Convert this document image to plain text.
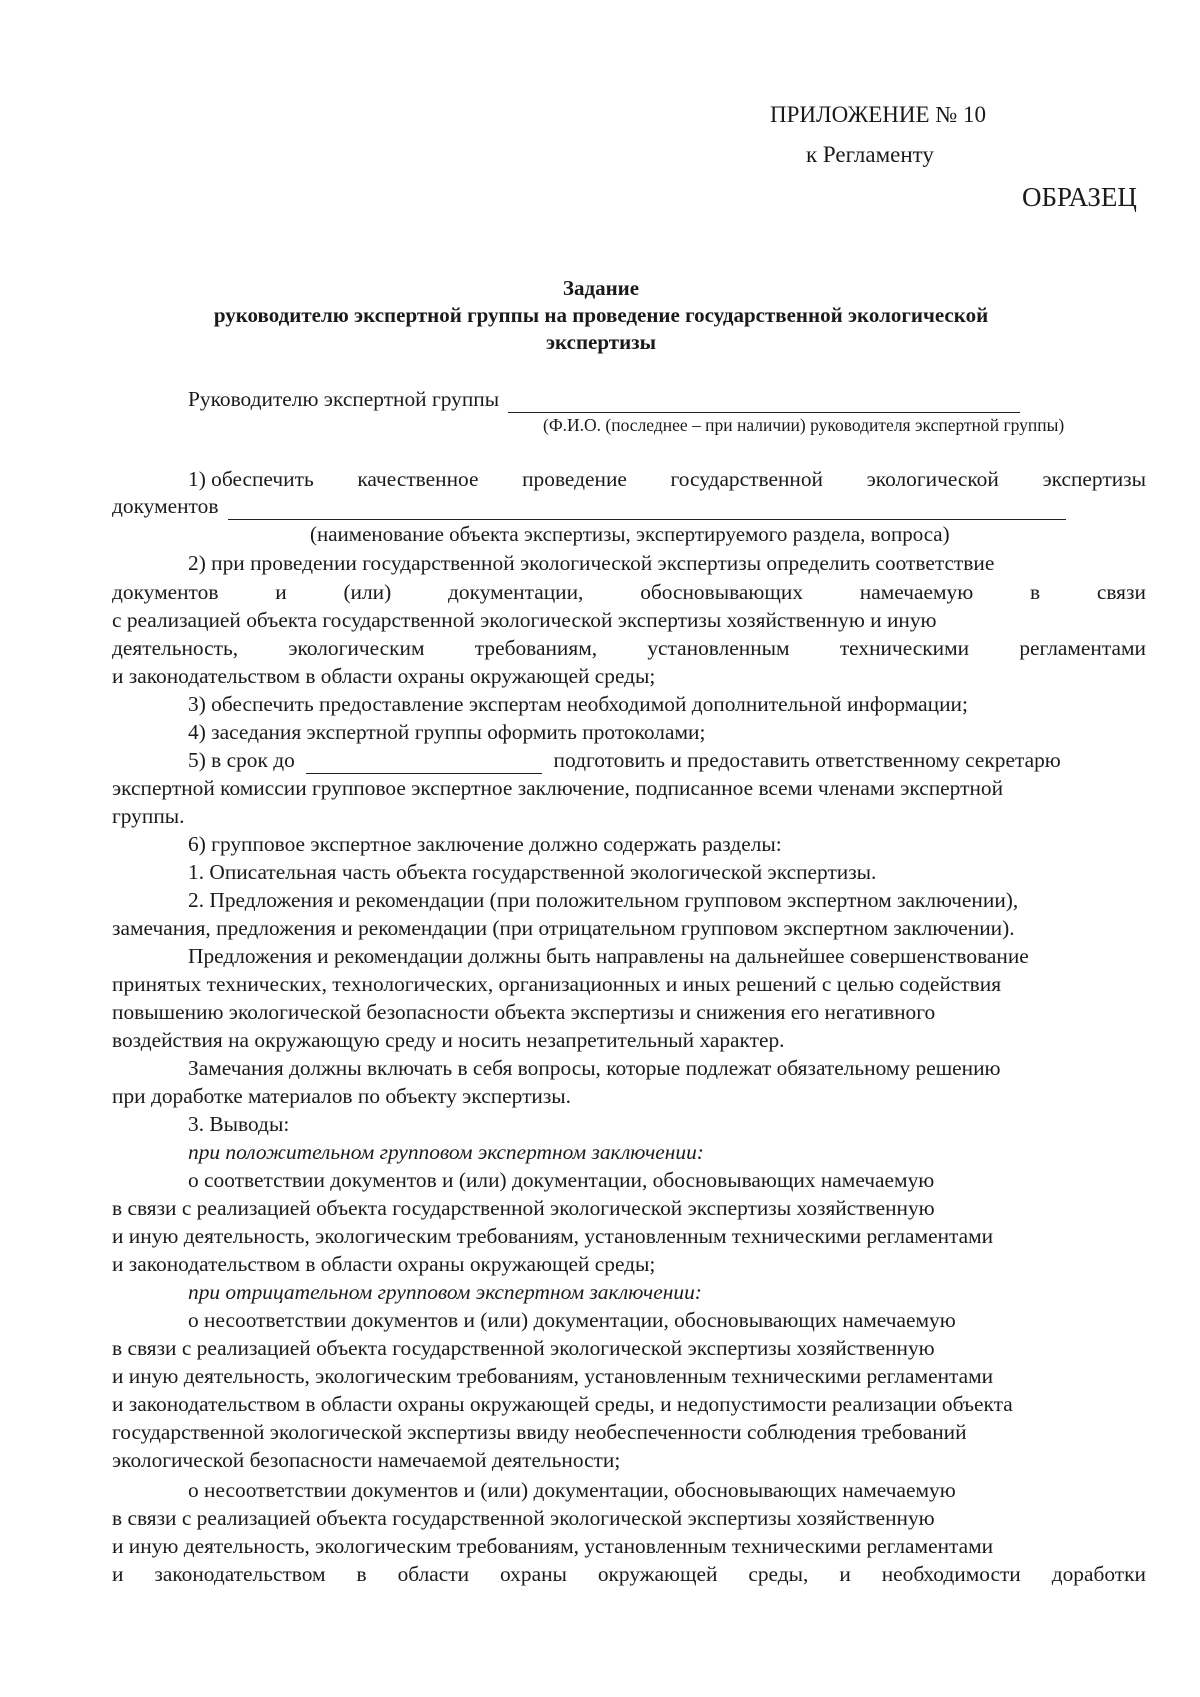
ПРИЛОЖЕНИЕ № 10
к Регламенту
ОБРАЗЕЦ
Задание
руководителю экспертной группы на проведение государственной экологической
экспертизы
Руководителю экспертной группы
(Ф.И.О. (последнее – при наличии) руководителя экспертной группы)
1) обеспечить качественное проведение государственной экологической экспертизы
документов
(наименование объекта экспертизы, экспертируемого раздела, вопроса)
2) при проведении государственной экологической экспертизы определить соответствие
документов	и	(или)	документации,	обосновывающих	намечаемую	в	связи
с реализацией объекта государственной экологической экспертизы хозяйственную и иную
деятельность, экологическим требованиям, установленным техническими регламентами
и законодательством в области охраны окружающей среды;
3) обеспечить предоставление экспертам необходимой дополнительной информации;
4) заседания экспертной группы оформить протоколами;
5) в срок до	подготовить и предоставить ответственному секретарю
экспертной комиссии групповое экспертное заключение, подписанное всеми членами экспертной
группы.
6) групповое экспертное заключение должно содержать разделы:
1. Описательная часть объекта государственной экологической экспертизы.
2. Предложения и рекомендации (при положительном групповом экспертном заключении),
замечания, предложения и рекомендации (при отрицательном групповом экспертном заключении).
Предложения и рекомендации должны быть направлены на дальнейшее совершенствование
принятых технических, технологических, организационных и иных решений с целью содействия
повышению экологической безопасности объекта экспертизы и снижения его негативного
воздействия на окружающую среду и носить незапретительный характер.
Замечания должны включать в себя вопросы, которые подлежат обязательному решению
при доработке материалов по объекту экспертизы.
3. Выводы:
при положительном групповом экспертном заключении:
о соответствии документов и (или) документации, обосновывающих намечаемую
в связи с реализацией объекта государственной экологической экспертизы хозяйственную
и иную деятельность, экологическим требованиям, установленным техническими регламентами
и законодательством в области охраны окружающей среды;
при отрицательном групповом экспертном заключении:
о несоответствии документов и (или) документации, обосновывающих намечаемую
в связи с реализацией объекта государственной экологической экспертизы хозяйственную
и иную деятельность, экологическим требованиям, установленным техническими регламентами
и законодательством в области охраны окружающей среды, и недопустимости реализации объекта
государственной экологической экспертизы ввиду необеспеченности соблюдения требований
экологической безопасности намечаемой деятельности;
о несоответствии документов и (или) документации, обосновывающих намечаемую
в связи с реализацией объекта государственной экологической экспертизы хозяйственную
и иную деятельность, экологическим требованиям, установленным техническими регламентами
и законодательством в области охраны окружающей среды, и необходимости доработки
